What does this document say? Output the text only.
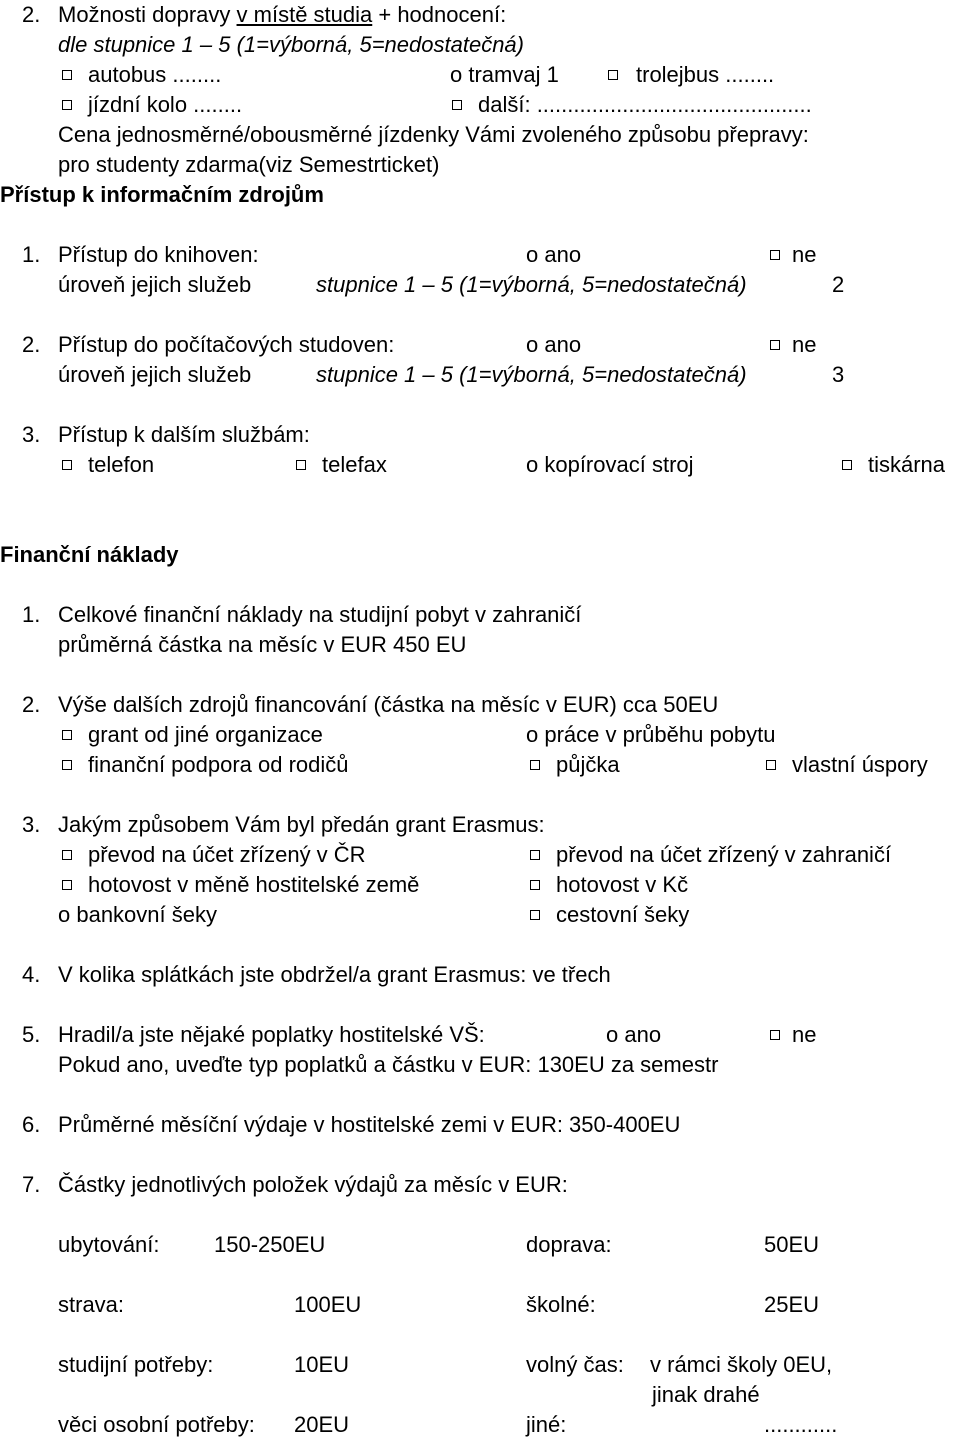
2. Možnosti dopravy v místě studia + hodnocení:
dle stupnice 1 – 5 (1=výborná, 5=nedostatečná)
autobus ........	o tramvaj 1	trolejbus ........
jízdní kolo ........	další: .............................................
Cena jednosměrné/obousměrné jízdenky Vámi zvoleného způsobu přepravy:
pro studenty zdarma(viz Semestrticket)
Přístup k informačním zdrojům
1. Přístup do knihoven:	o ano	ne
úroveň jejich služeb	stupnice 1 – 5 (1=výborná, 5=nedostatečná)	2
2. Přístup do počítačových studoven:	o ano	ne
úroveň jejich služeb	stupnice 1 – 5 (1=výborná, 5=nedostatečná)	3
3. Přístup k dalším službám:
telefon	telefax	o kopírovací stroj	tiskárna
Finanční náklady
1. Celkové finanční náklady na studijní pobyt v zahraničí
průměrná částka na měsíc v EUR 450 EU
2. Výše dalších zdrojů financování (částka na měsíc v EUR) cca 50EU
grant od jiné organizace	o práce v průběhu pobytu
finanční podpora od rodičů	půjčka	vlastní úspory
3. Jakým způsobem Vám byl předán grant Erasmus:
převod na účet zřízený v ČR	převod na účet zřízený v zahraničí
hotovost v měně hostitelské země	hotovost v Kč
o bankovní šeky	cestovní šeky
4. V kolika splátkách jste obdržel/a grant Erasmus: ve třech
5. Hradil/a jste nějaké poplatky hostitelské VŠ:	o ano	ne
Pokud ano, uveďte typ poplatků a částku v EUR: 130EU za semestr
6. Průměrné měsíční výdaje v hostitelské zemi v EUR: 350-400EU
7. Částky jednotlivých položek výdajů za měsíc v EUR:
ubytování: 150-250EU	doprava:	50EU
strava:	100EU	školné:	25EU
studijní potřeby:	10EU	volný čas: v rámci školy 0EU,
jinak drahé
věci osobní potřeby: 20EU	jiné:	............
